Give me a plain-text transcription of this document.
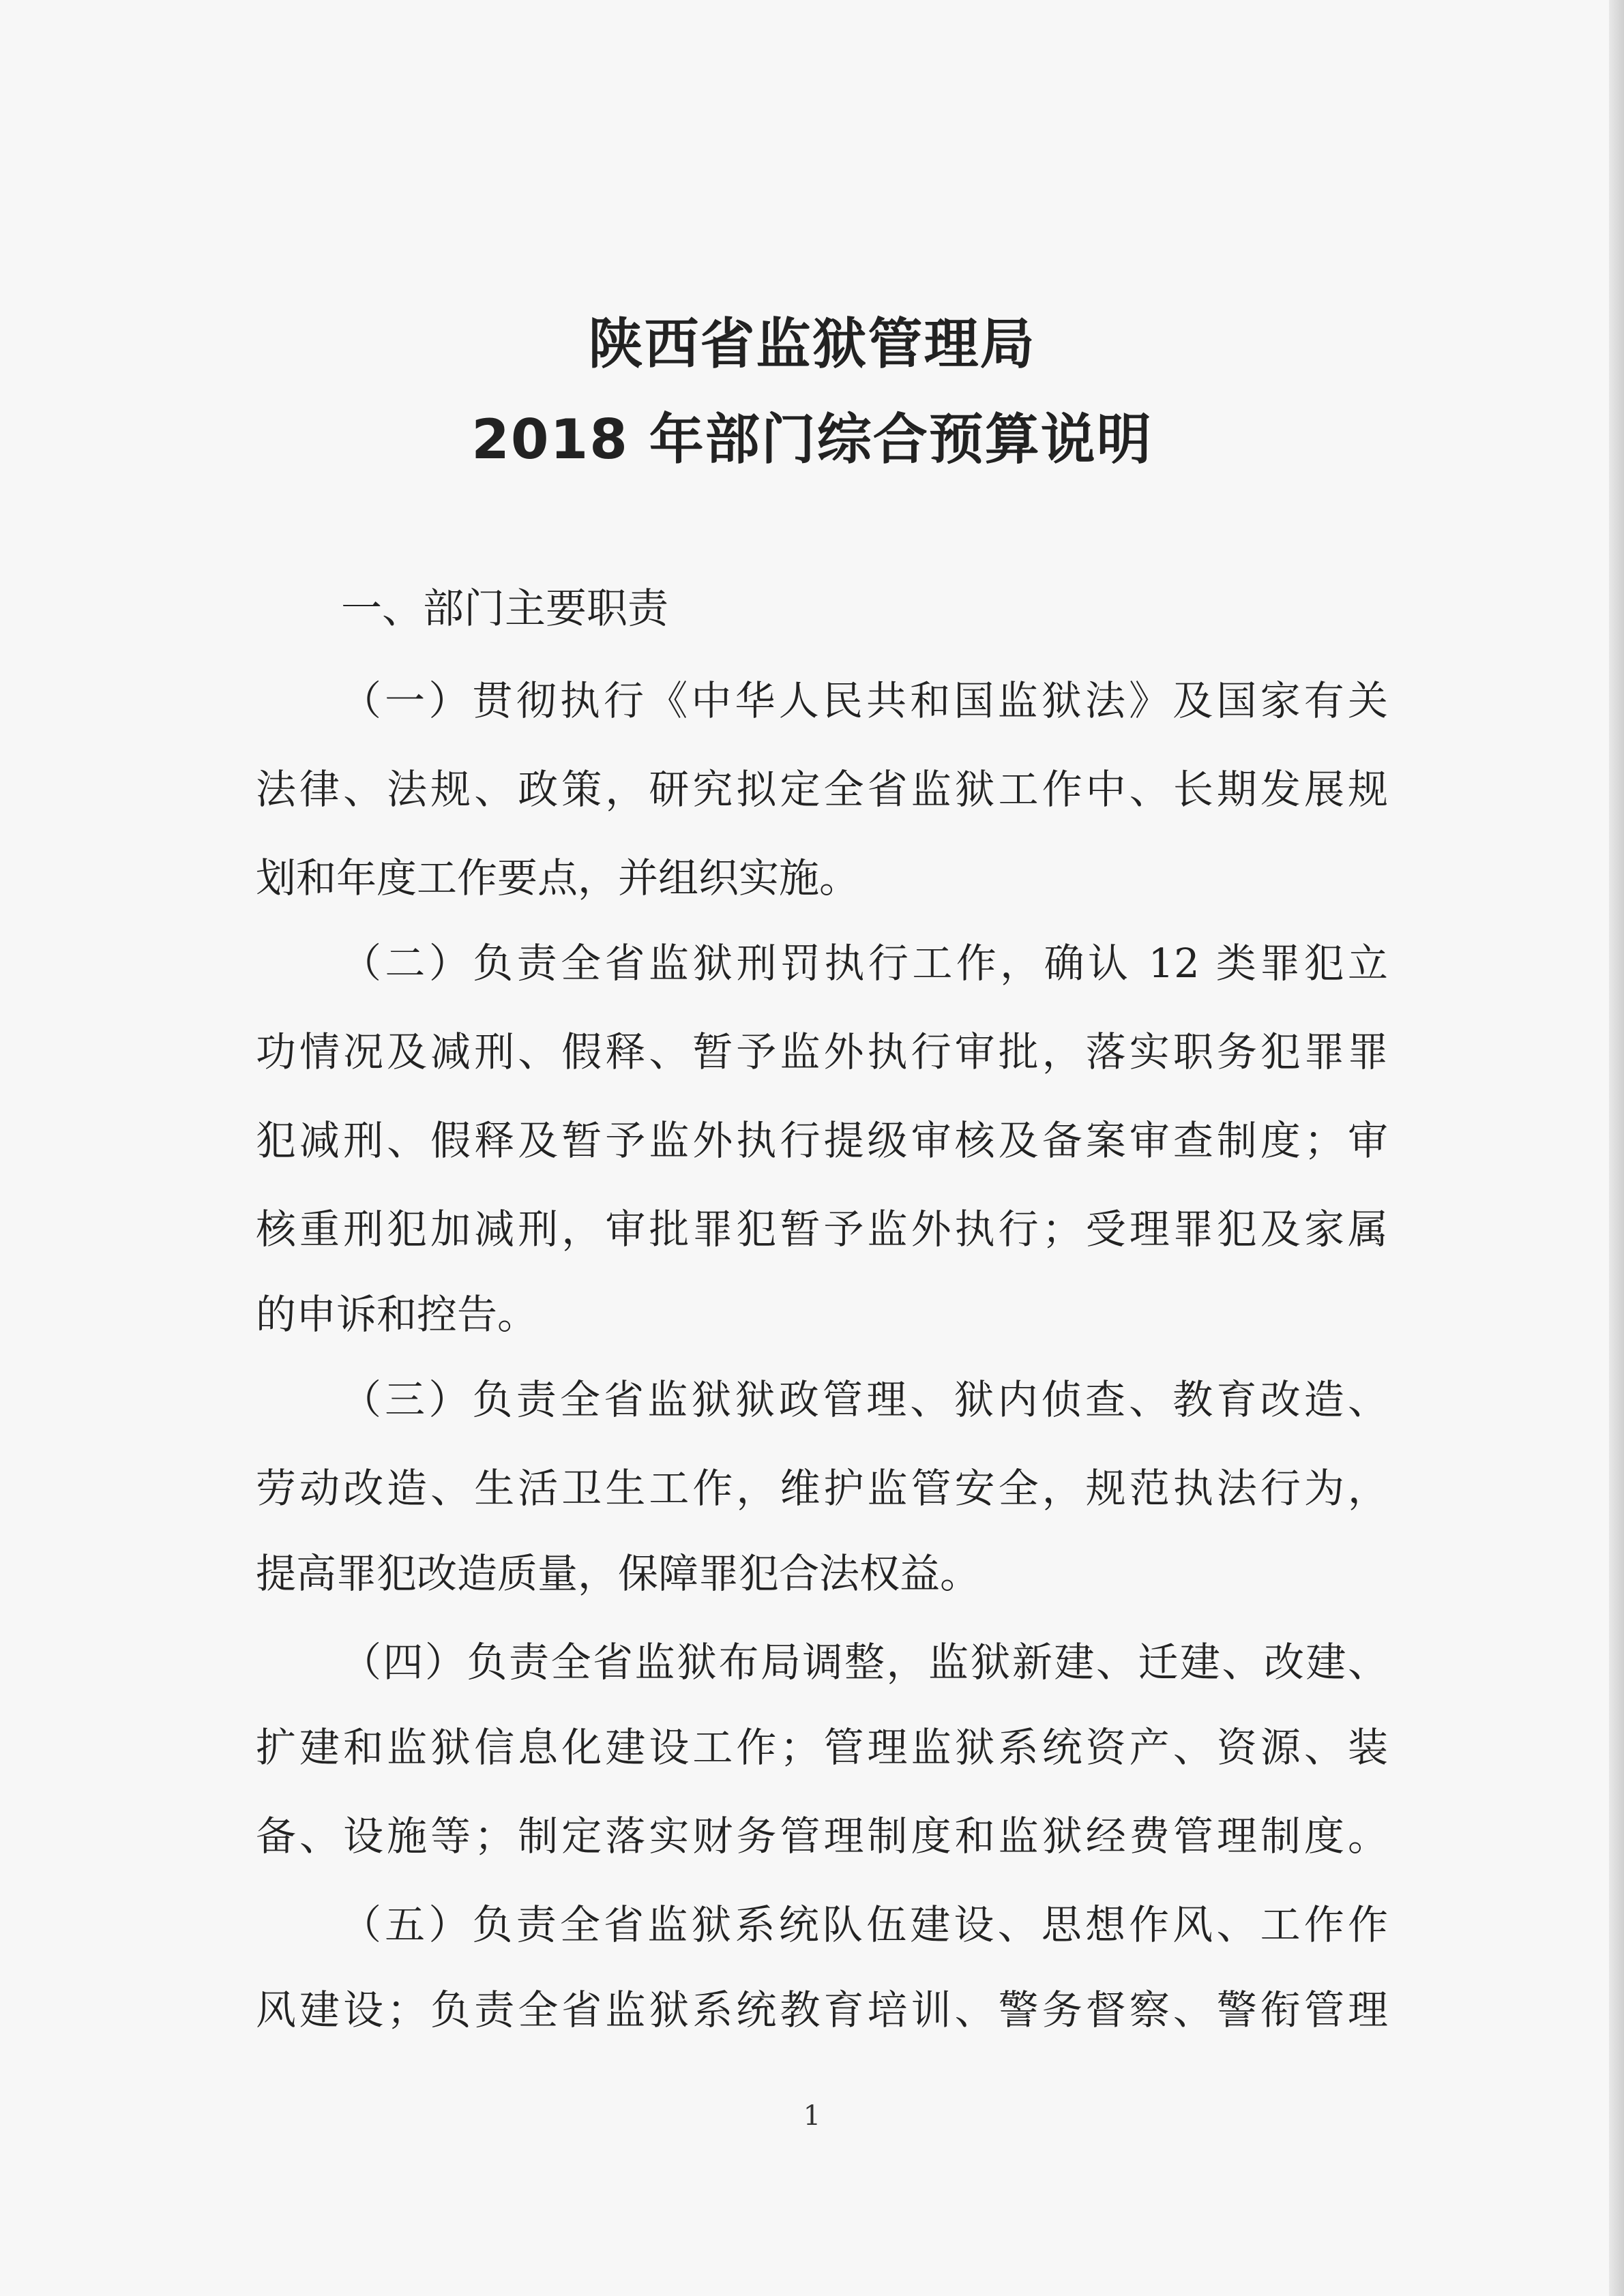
陕西省监狱管理局
2018 年部门综合预算说明
一、部门主要职责
（一）贯彻执行《中华人民共和国监狱法》及国家有关
法律、法规、政策，研究拟定全省监狱工作中、长期发展规
划和年度工作要点，并组织实施。
（二）负责全省监狱刑罚执行工作，确认 12 类罪犯立
功情况及减刑、假释、暂予监外执行审批，落实职务犯罪罪
犯减刑、假释及暂予监外执行提级审核及备案审查制度；审
核重刑犯加减刑，审批罪犯暂予监外执行；受理罪犯及家属
的申诉和控告。
（三）负责全省监狱狱政管理、狱内侦查、教育改造、
劳动改造、生活卫生工作，维护监管安全，规范执法行为，
提高罪犯改造质量，保障罪犯合法权益。
（四）负责全省监狱布局调整，监狱新建、迁建、改建、
扩建和监狱信息化建设工作；管理监狱系统资产、资源、装
备、设施等；制定落实财务管理制度和监狱经费管理制度。
（五）负责全省监狱系统队伍建设、思想作风、工作作
风建设；负责全省监狱系统教育培训、警务督察、警衔管理
1
